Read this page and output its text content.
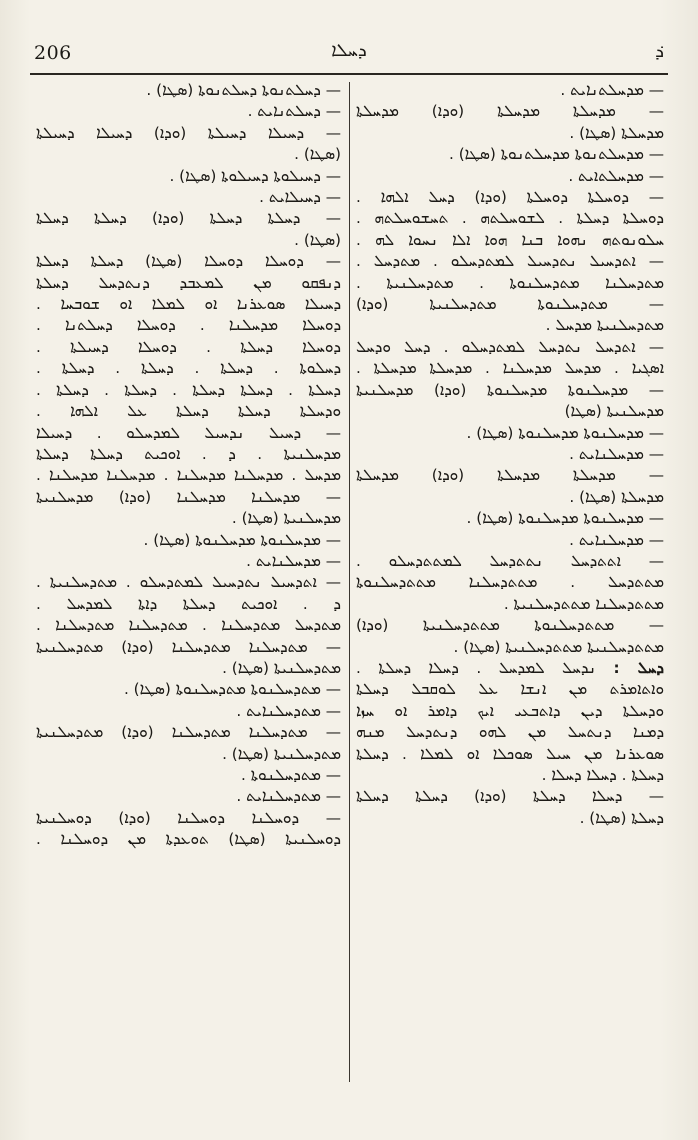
206	ܕܚܠܐ	ܕ݁
— ܡܕܚܠܬܢܐܝܬ .
— ܡܕܚܠܬܐ ܡܕܚܠܬܐ (ܘܕܐ) ܡܕܚܠܬܐ
ܡܕܚܠܬܐ (ܣܛܐ) .
— ܡܕܚܠܬܢܘܬܐ ܡܕܚܠܬܢܘܬܐ (ܣܛܐ) .
— ܡܕܚܠܬܐܝܬ .
— ܕܘܚܠܬܐ ܕܘܚܠܬܐ (ܘܕܐ) ܕܚܠ ܐܠܗܐ .
ܕܘܚܠܬܐ ܕܚܠܬܐ . ܠܫܘܚܠܬܗ . ܬܚܫܘܚܠܬܗ .
ܚܠܘܢܘܬܗ ܢܗܘܐ ܒܢܐ ܗܘܐ ܐܠܐ ܢܚܘܐ ܠܗ .
— ܐܬܕܚܝܠ ܢܬܕܚܝܠ ܠܡܬܕܚܠܘ . ܡܬܕܚܠ .
ܡܬܕܚܠܢܐ ܡܬܕܚܠܢܘܬܐ . ܡܬܕܚܠܢܝܬܐ .
— ܡܬܕܚܠܢܘܬܐ ܡܬܕܚܠܢܝܬܐ (ܘܕܐ)
ܡܬܕܚܠܢܝܬܐ ܡܕܚܠ .
— ܐܬܕܚܠ ܢܬܕܚܠ ܠܡܬܕܚܠܘ . ܕܚܠ ܘܕܚܠ
ܐܣܓܝܐ . ܡܕܚܠ ܡܕܚܠܢܐ . ܡܕܚܠܬܐ ܡܕܚܠܬܐ .
— ܡܕܚܠܢܘܬܐ ܡܕܚܠܢܘܬܐ (ܘܕܐ) ܡܕܚܠܢܝܬܐ
ܡܕܚܠܢܝܬܐ (ܣܛܐ)
— ܡܕܚܠܢܘܬܐ ܡܕܚܠܢܘܬܐ (ܣܛܐ) .
— ܡܕܚܠܢܐܝܬ .
— ܡܕܚܠܬܐ ܡܕܚܠܬܐ (ܘܕܐ) ܡܕܚܠܬܐ
ܡܕܚܠܬܐ (ܣܛܐ) .
— ܡܕܚܠܢܘܬܐ ܡܕܚܠܢܘܬܐ (ܣܛܐ) .
— ܡܕܚܠܢܐܝܬ .
— ܐܬܬܕܚܠ ܢܬܬܕܚܠ ܠܡܬܬܕܚܠܘ .
ܡܬܬܕܚܠ . ܡܬܬܕܚܠܢܐ ܡܬܬܕܚܠܢܘܬܐ
ܡܬܬܕܚܠܢܐ ܡܬܬܕܚܠܢܝܬܐ .
— ܡܬܬܕܚܠܢܘܬܐ ܡܬܬܕܚܠܢܝܬܐ (ܘܕܐ)
ܡܬܬܕܚܠܢܝܬܐ ܡܬܬܕܚܠܢܝܬܐ (ܣܛܐ) .
ܕܚܠ : ܢܕܚܠ ܠܡܕܚܠ . ܕܚܠܐ ܕܚܠܬܐ .
ܘܐܬܐܡܪܬ ܡܢ ܐܢܫܐ ܥܠ ܠܘܩܒܠ ܕܚܠܬܐ
ܘܕܚܠܬܐ ܕܝܢ ܕܐܬܒܥܝ ܐܝܟ ܕܐܡܪ ܐܘ ܚܙܐ
ܕܡܢܐ ܕܢܬܚܠ ܡܢ ܠܗܘ ܕܢܬܕܚܠ ܡܢܗ
ܣܘܥܪܢܐ ܡܢ ܚܝܠ ܣܘܟܠܐ ܐܘ ܠܡܠܐ . ܕܚܠܬܐ
ܕܚܠܬܐ . ܕܚܠܐ ܕܚܠܐ .
— ܕܚܠܐ ܕܚܠܬܐ (ܘܕܐ) ܕܚܠܬܐ ܕܚܠܬܐ
ܕܚܠܬܐ (ܣܛܐ) .
— ܕܚܠܬܢܘܬܐ ܕܚܠܬܢܘܬܐ (ܣܛܐ) .
— ܕܚܠܬܢܐܝܬ .
— ܕܚܝܠܐ ܕܚܝܠܬܐ (ܘܕܐ) ܕܚܝܠܐ ܕܚܝܠܬܐ
(ܣܛܐ) .
— ܕܚܝܠܘܬܐ ܕܚܝܠܘܬܐ (ܣܛܐ) .
— ܕܚܝܠܐܝܬ .
— ܕܚܠܬܐ ܕܚܠܬܐ (ܘܕܐ) ܕܚܠܬܐ ܕܚܠܬܐ
(ܣܛܐ) .
— ܕܘܚܠܐ ܕܘܚܠܐ (ܣܛܐ) ܕܚܠܬܐ ܕܚܠܬܐ
ܕܢܦܩܘ ܡܢ ܠܡܥܒܕ ܕܢܬܕܚܠ ܕܚܠܬܐ
ܕܚܝܠܐ ܣܘܥܪܢܐ ܐܘ ܠܡܠܐ ܐܘ ܫܘܒܚܐ .
ܕܘܚܠܐ ܡܕܚܠܢܐ . ܕܘܚܠܐ ܕܚܠܬܢܐ .
ܕܘܚܠܐ ܕܚܠܬܐ . ܕܘܚܠܐ ܕܚܝܠܬܐ .
ܕܚܠܘܬܐ . ܕܚܠܬܐ . ܕܚܠܬܐ . ܕܚܠܬܐ .
ܕܚܠܬܐ . ܕܚܠܬܐ ܕܚܠܬܐ . ܕܚܠܬܐ . ܕܚܠܬܐ .
ܘܕܚܠܬܐ ܕܚܠܬܐ ܕܚܠܬܐ ܥܠ ܐܠܗܐ .
— ܕܚܝܠ ܢܕܚܝܠ ܠܡܕܚܠܘ . ܕܚܝܠܐ
ܡܕܚܠܢܝܬܐ . ܕ . ܐܘܟܝܬ ܕܚܠܬܐ ܕܚܠܬܐ
ܡܕܚܠ . ܡܕܚܠܢܐ ܡܕܚܠܢܐ . ܡܕܚܠܢܐ ܡܕܚܠܢܐ .
— ܡܕܚܠܢܐ ܡܕܚܠܢܐ (ܘܕܐ) ܡܕܚܠܢܝܬܐ
ܡܕܚܠܢܝܬܐ (ܣܛܐ) .
— ܡܕܚܠܢܘܬܐ ܡܕܚܠܢܘܬܐ (ܣܛܐ) .
— ܡܕܚܠܢܐܝܬ .
— ܐܬܕܚܝܠ ܢܬܕܚܝܠ ܠܡܬܕܚܠܘ . ܡܬܕܚܠܢܝܬܐ .
ܕ . ܐܘܟܝܬ ܕܚܠܬܐ ܕܐܬܐ ܠܡܕܚܠ .
ܡܬܕܚܠ ܡܬܕܚܠܢܐ . ܡܬܕܚܠܢܐ ܡܬܕܚܠܢܐ .
— ܡܬܕܚܠܢܐ ܡܬܕܚܠܢܐ (ܘܕܐ) ܡܬܕܚܠܢܝܬܐ
ܡܬܕܚܠܢܝܬܐ (ܣܛܐ) .
— ܡܬܕܚܠܢܘܬܐ ܡܬܕܚܠܢܘܬܐ (ܣܛܐ) .
— ܡܬܕܚܠܢܐܝܬ .
— ܡܬܕܚܠܢܐ ܡܬܕܚܠܢܐ (ܘܕܐ) ܡܬܕܚܠܢܝܬܐ
ܡܬܕܚܠܢܝܬܐ (ܣܛܐ) .
— ܡܬܕܚܠܢܘܬܐ .
— ܡܬܕܚܠܢܐܝܬ .
— ܕܘܚܠܢܐ ܕܘܚܠܢܐ (ܘܕܐ) ܕܘܚܠܢܝܬܐ
ܕܘܚܠܢܝܬܐ (ܣܛܐ) ܬܘܥܕܬܐ ܡܢ ܕܘܚܠܢܐ .
